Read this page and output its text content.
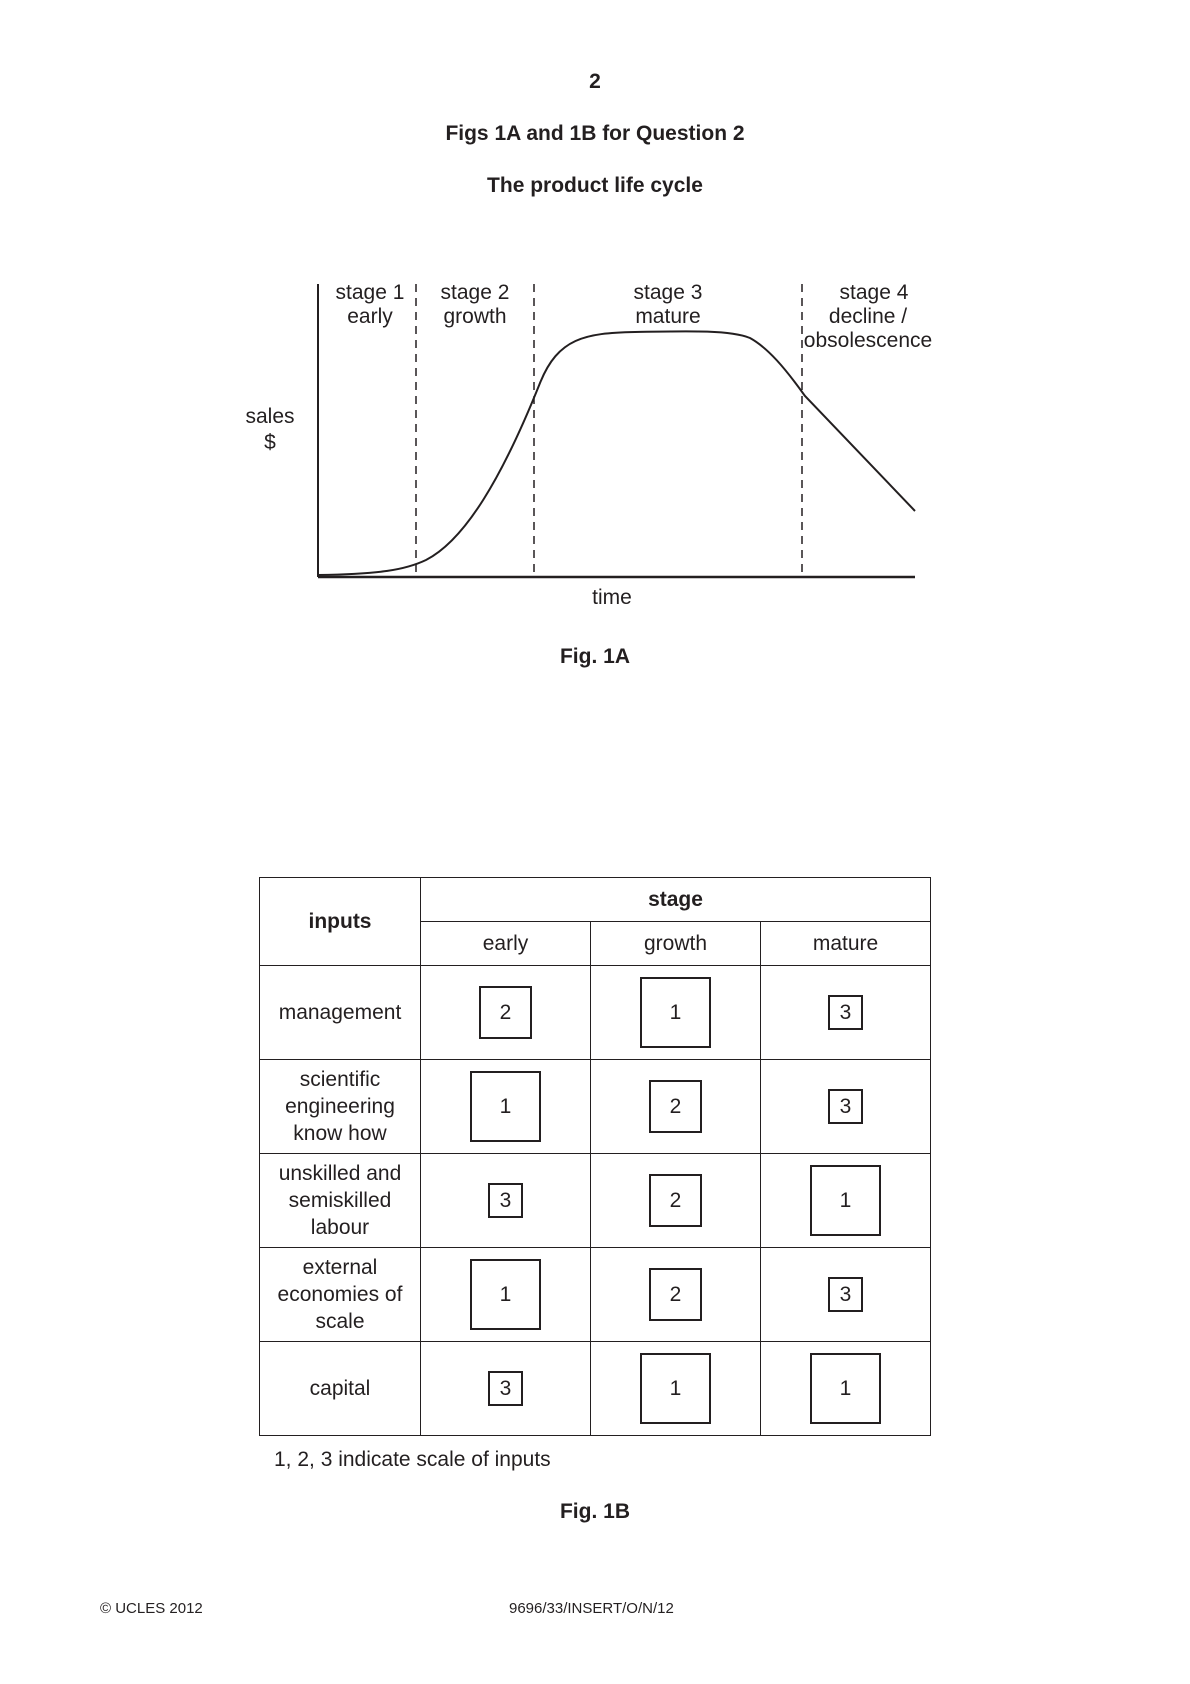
2
Figs 1A and 1B for Question 2
The product life cycle
stage 1
early
stage 2
growth
stage 3
mature
stage 4
decline /
obsolescence
sales
$
time
Fig. 1A
inputs	stage		
	early	growth	mature
management	2	1	3
scientific engineering know how	1	2	3
unskilled and semiskilled labour	3	2	1
external economies of scale	1	2	3
capital	3	1	1
1, 2, 3 indicate scale of inputs
Fig. 1B
© UCLES 2012	9696/33/INSERT/O/N/12
